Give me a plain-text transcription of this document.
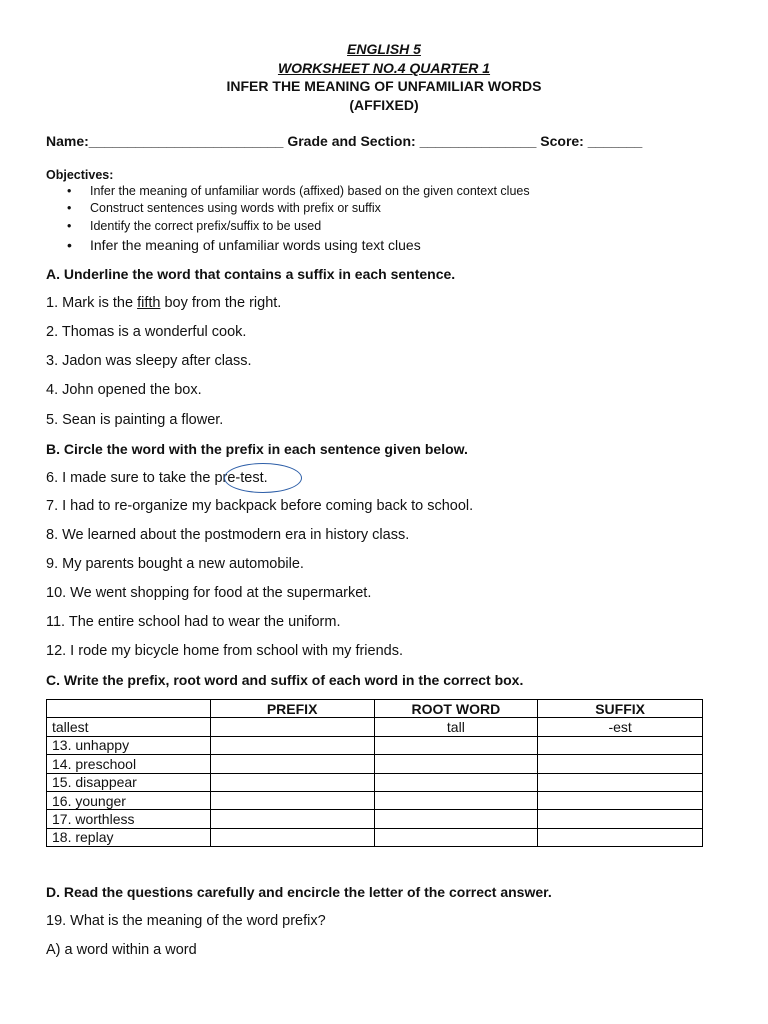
ENGLISH 5
WORKSHEET NO.4 QUARTER 1
INFER THE MEANING OF UNFAMILIAR WORDS
(AFFIXED)
Name:_________________________ Grade and Section: _______________ Score: _______
Objectives:
• Infer the meaning of unfamiliar words (affixed) based on the given context clues
• Construct sentences using words with prefix or suffix
• Identify the correct prefix/suffix to be used
• Infer the meaning of unfamiliar words using text clues
A. Underline the word that contains a suffix in each sentence.
1. Mark is the fifth boy from the right.
2. Thomas is a wonderful cook.
3. Jadon was sleepy after class.
4. John opened the box.
5. Sean is painting a flower.
B. Circle the word with the prefix in each sentence given below.
6. I made sure to take the pre-test.
7. I had to re-organize my backpack before coming back to school.
8. We learned about the postmodern era in history class.
9. My parents bought a new automobile.
10. We went shopping for food at the supermarket.
11. The entire school had to wear the uniform.
12. I rode my bicycle home from school with my friends.
C. Write the prefix, root word and suffix of each word in the correct box.
	PREFIX	ROOT WORD	SUFFIX
tallest		tall	-est
13. unhappy			
14. preschool			
15. disappear			
16. younger			
17. worthless			
18. replay			
D. Read the questions carefully and encircle the letter of the correct answer.
19. What is the meaning of the word prefix?
A) a word within a word
